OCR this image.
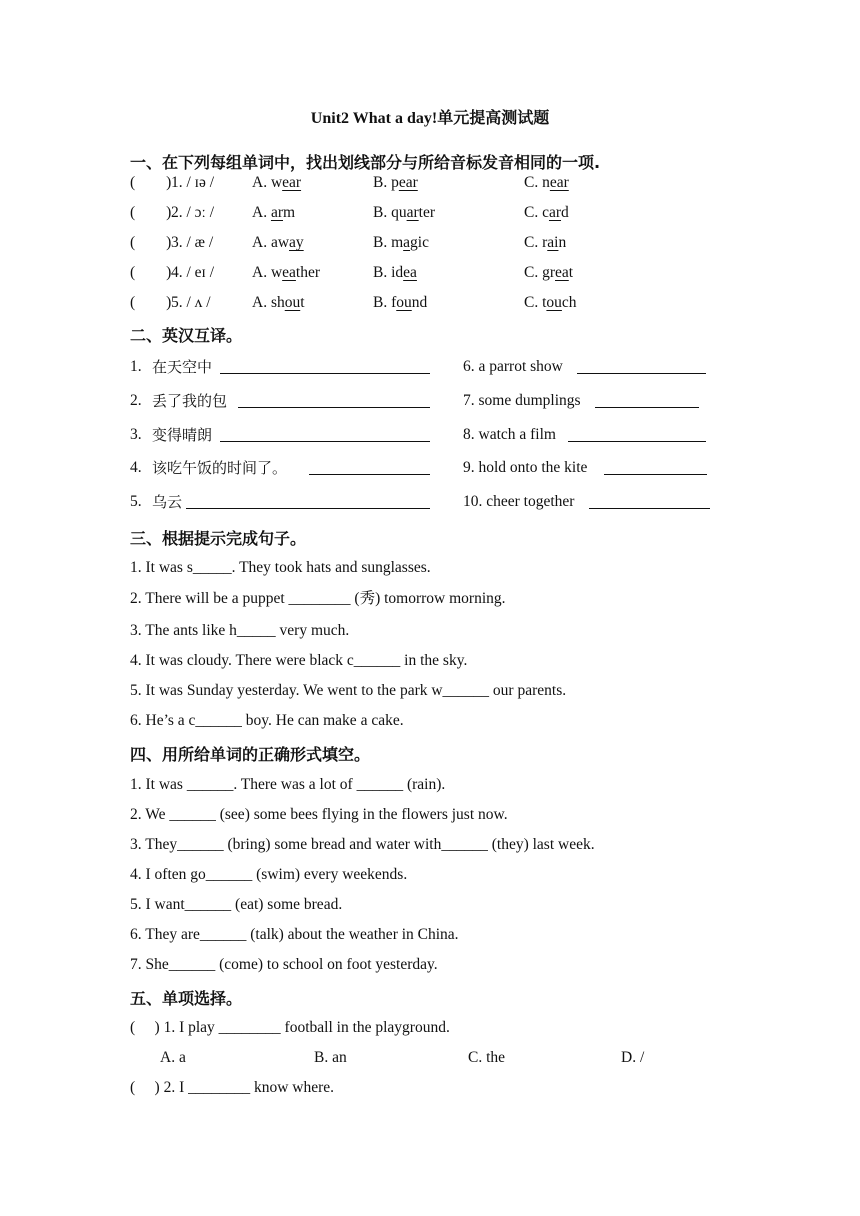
Unit2 What a day!单元提高测试题
一、在下列每组单词中，找出划线部分与所给音标发音相同的一项.
(        ) 1. / ɪə / A. wear	B. pear	C. near
(        ) 2. / ɔː / A. arm	B. quarter	C. card
(        ) 3. / æ /	A. away	B. magic	C. rain
(        ) 4. / eɪ / A. weather	B. idea	C. great
(        ) 5. / ʌ /	A. shout	B. found	C. touch
二、英汉互译。
1. 在天空中
2. 丢了我的包
3. 变得晴朗
4. 该吃午饭的时间了。
5. 乌云
6. a parrot show
7. some dumplings
8. watch a film
9. hold onto the kite
10. cheer together
三、根据提示完成句子。
1. It was s_____. They took hats and sunglasses.
2. There will be a puppet ________ (秀) tomorrow morning.
3. The ants like h_____ very much.
4. It was cloudy. There were black c______ in the sky.
5. It was Sunday yesterday. We went to the park w______ our parents.
6. He’s a c______ boy. He can make a cake.
四、用所给单词的正确形式填空。
1. It was ______. There was a lot of ______ (rain).
2. We ______ (see) some bees flying in the flowers just now.
3. They______ (bring) some bread and water with______ (they) last week.
4. I often go______ (swim) every weekends.
5. I want______ (eat) some bread.
6. They are______ (talk) about the weather in China.
7. She______ (come) to school on foot yesterday.
五、单项选择。
(     ) 1. I play ________ football in the playground.
A. a	B. an	C. the	D. /
(     ) 2. I ________ know where.
